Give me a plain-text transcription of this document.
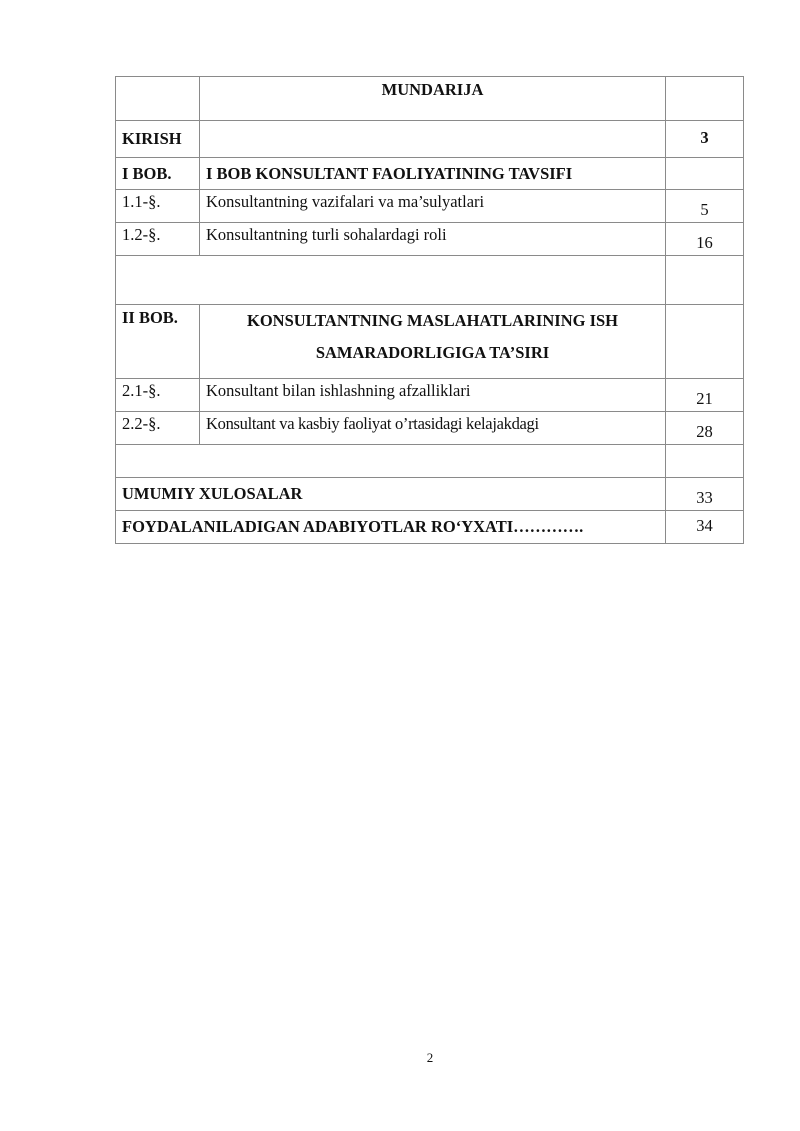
	MUNDARIJA	
KIRISH		3
I BOB.	I BOB KONSULTANT FAOLIYATINING TAVSIFI	
1.1-§.	Konsultantning vazifalari va ma’sulyatlari	5
1.2-§.	Konsultantning turli sohalardagi roli	16

II BOB.	KONSULTANTNING MASLAHATLARINING ISH
SAMARADORLIGIGA TA’SIRI	

2.1-§.	Konsultant bilan ishlashning afzalliklari	21
2.2-§.	Konsultant va kasbiy faoliyat o’rtasidagi kelajakdagi	28

UMUMIY XULOSALAR		33
FOYDALANILADIGAN ADABIYOTLAR RO‘YXATI………….		34
2
